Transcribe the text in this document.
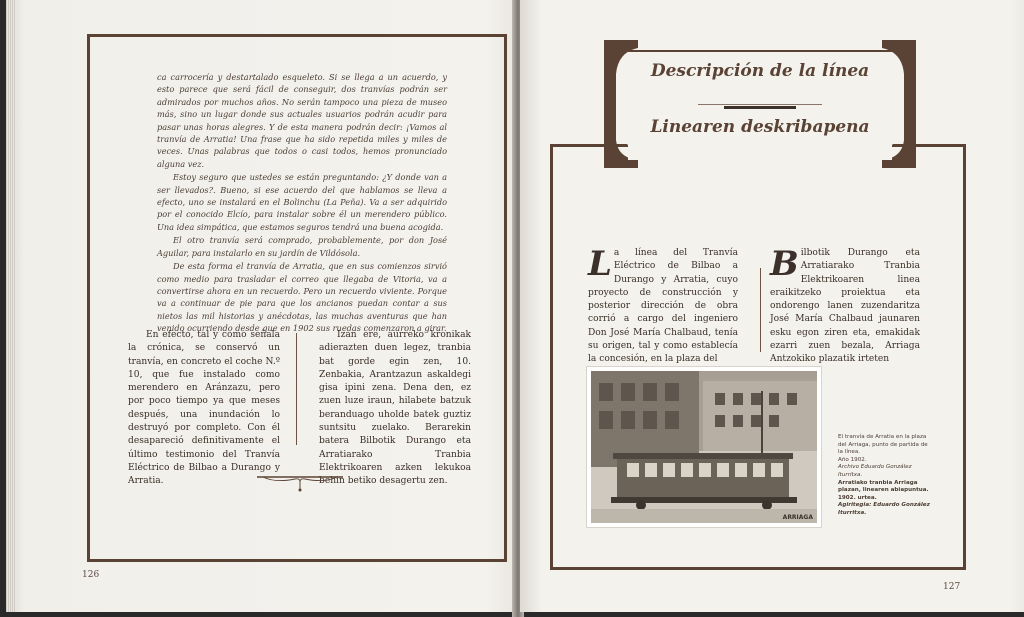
ca carrocería y destartalado esqueleto. Si se llega a un acuerdo, y esto parece que será fácil de conseguir, dos tranvías podrán ser admirados por muchos años. No serán tampoco una pieza de museo más, sino un lugar donde sus actuales usuarios podrán acudir para pasar unas horas alegres. Y de esta manera podrán decir: ¡Vamos al tranvía de Arratia! Una frase que ha sido repetida miles y miles de veces. Unas palabras que todos o casi todos, hemos pronunciado alguna vez.

Estoy seguro que ustedes se están preguntando: ¿Y donde van a ser llevados?. Bueno, si ese acuerdo del que hablamos se lleva a efecto, uno se instalará en el Bolinchu (La Peña). Va a ser adquirido por el conocido Elcío, para instalar sobre él un merendero público. Una idea simpática, que estamos seguros tendrá una buena acogida.

El otro tranvía será comprado, probablemente, por don José Aguilar, para instalarlo en su jardín de Vildósola.

De esta forma el tranvía de Arratia, que en sus comienzos sirvió como medio para trasladar el correo que llegaba de Vitoria, va a convertirse ahora en un recuerdo. Pero un recuerdo viviente. Porque va a continuar de pie para que los ancianos puedan contar a sus nietos las mil historias y anécdotas, las muchas aventuras que han venido ocurriendo desde que en 1902 sus ruedas comenzaron a girar.

En efecto, tal y como señala la crónica, se conservó un tranvía, en concreto el coche N.º 10, que fue instalado como merendero en Aránzazu, pero por poco tiempo ya que meses después, una inundación lo destruyó por completo. Con él desapareció definitivamente el último testimonio del Tranvía Eléctrico de Bilbao a Durango y Arratia.

Izan ere, aurreko kronikak adierazten duen legez, tranbia bat gorde egin zen, 10. Zenbakia, Arantzazun askaldegi gisa ipini zena. Dena den, ez zuen luze iraun, hilabete batzuk beranduago uholde batek guztiz suntsitu zuelako. Berarekin batera Bilbotik Durango eta Arratiarako Tranbia Elektrikoaren azken lekukoa behin betiko desagertu zen.

126
Descripción de la línea
Linearen deskribapena
L a línea del Tranvía Eléctrico de Bilbao a Durango y Arratia, cuyo proyecto de construcción y posterior dirección de obra corrió a cargo del ingeniero Don José María Chalbaud, tenía su origen, tal y como establecía la concesión, en la plaza del
B ilbotik Durango eta Arratiarako Tranbia Elektrikoaren linea eraikitzeko proiektua eta ondorengo lanen zuzendaritza José María Chalbaud jaunaren esku egon ziren eta, emakidak ezarri zuen bezala, Arriaga Antzokiko plazatik irteten
ARRIAGA
El tranvía de Arratia en la plaza del Arriaga, punto de partida de la línea.
Año 1902.
Archivo Eduardo González Iturritxa.
Arratiako tranbia Arriaga plazan, linearen abiapuntua.
1902. urtea.
Agiritegia: Eduardo González Iturritxa.
127
